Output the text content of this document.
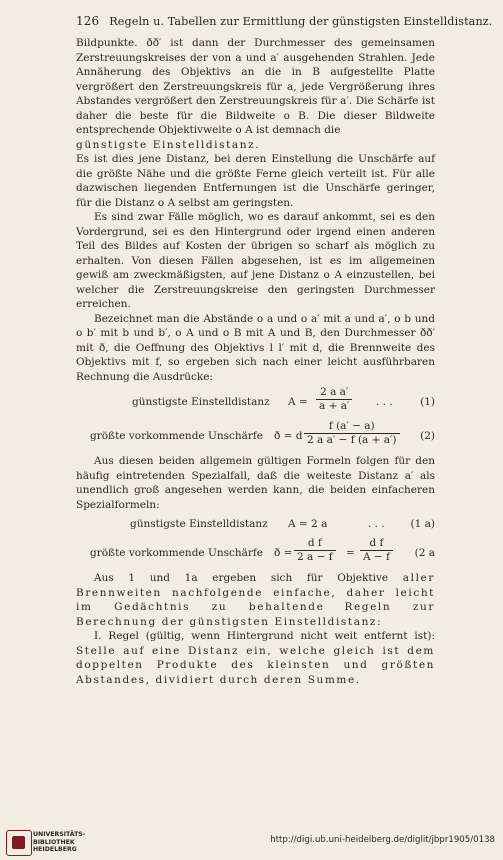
126 Regeln u. Tabellen zur Ermittlung der günstigsten Einstelldistanz.

Bildpunkte. ðð′ ist dann der Durchmesser des gemeinsamen Zerstreuungskreises der von a und a′ ausgehenden Strahlen. Jede Annäherung des Objektivs an die in B aufgestellte Platte vergrößert den Zerstreuungskreis für a, jede Vergrößerung ihres Abstandes vergrößert den Zerstreuungskreis für a′. Die Schärfe ist daher die beste für die Bildweite o B. Die dieser Bildweite entsprechende Objektivweite o A ist demnach die

günstigste Einstelldistanz.

Es ist dies jene Distanz, bei deren Einstellung die Unschärfe auf die größte Nähe und die größte Ferne gleich verteilt ist. Für alle dazwischen liegenden Entfernungen ist die Unschärfe geringer, für die Distanz o A selbst am geringsten.

Es sind zwar Fälle möglich, wo es darauf ankommt, sei es den Vordergrund, sei es den Hintergrund oder irgend einen anderen Teil des Bildes auf Kosten der übrigen so scharf als möglich zu erhalten. Von diesen Fällen abgesehen, ist es im allgemeinen gewiß am zweckmäßigsten, auf jene Distanz o A einzustellen, bei welcher die Zerstreuungskreise den geringsten Durchmesser erreichen.

Bezeichnet man die Abstände o a und o a′ mit a und a′, o b und o b′ mit b und b′, o A und o B mit A und B, den Durchmesser ðð′ mit ð, die Oeffnung des Objektivs l l′ mit d, die Brennweite des Objektivs mit f, so ergeben sich nach einer leicht ausführbaren Rechnung die Ausdrücke:

günstigste Einstelldistanz $A = \frac{\text{2 a a′}}{a + a'}$ . . .	(1)
größte vorkommende Unschärfe ð = d $\frac{f (a' - a)}{\text{2 a a′ − f (a + a′)}} (2)$

Aus diesen beiden allgemein gültigen Formeln folgen für den häufig eintretenden Spezialfall, daß die weiteste Distanz a′ als unendlich groß angesehen werden kann, die beiden einfacheren Spezialformeln:

günstigste Einstelldistanz A = 2 a	. . . (1 a)
größte vorkommende Unschärfe ð = $\frac{\text{d f}}{2 a - f} = \frac{\text{d f}}{A - f} (2$ a

Aus 1 und 1a ergeben sich für Objektive aller Brennweiten nachfolgende einfache, daher leicht im Gedächtnis zu behaltende Regeln zur Berechnung der günstigsten Einstelldistanz:

I. Regel (gültig, wenn Hintergrund nicht weit entfernt ist): Stelle auf eine Distanz ein, welche gleich ist dem doppelten Produkte des kleinsten und größten Abstandes, dividiert durch deren Summe.

UNIVERSITÄTS-
BIBLIOTHEK
HEIDELBERG
http://digi.ub.uni-heidelberg.de/diglit/jbpr1905/0138
